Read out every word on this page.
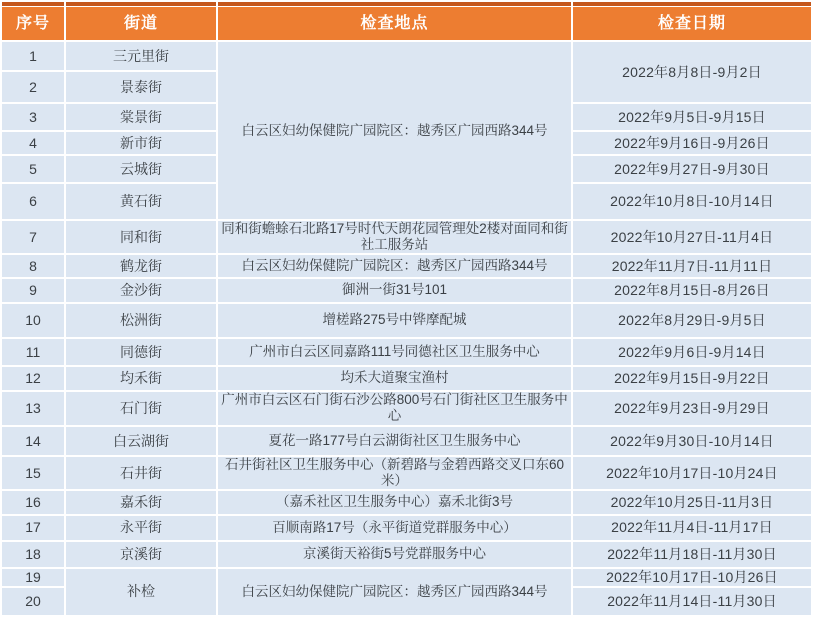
序号	街道	检查地点	检查日期
1	三元里街	白云区妇幼保健院广园院区：越秀区广园西路344号	2022年8月8日-9月2日
2	景泰街		
3	棠景街		2022年9月5日-9月15日
4	新市街		2022年9月16日-9月26日
5	云城街		2022年9月27日-9月30日
6	黄石街		2022年10月8日-10月14日
7	同和街	同和街蟾蜍石北路17号时代天朗花园管理处2楼对面同和街社工服务站	2022年10月27日-11月4日
8	鹤龙街	白云区妇幼保健院广园院区：越秀区广园西路344号	2022年11月7日-11月11日
9	金沙街	御洲一街31号101	2022年8月15日-8月26日
10	松洲街	增槎路275号中铧摩配城	2022年8月29日-9月5日
11	同德街	广州市白云区同嘉路111号同德社区卫生服务中心	2022年9月6日-9月14日
12	均禾街	均禾大道聚宝渔村	2022年9月15日-9月22日
13	石门街	广州市白云区石门街石沙公路800号石门街社区卫生服务中心	2022年9月23日-9月29日
14	白云湖街	夏花一路177号白云湖街社区卫生服务中心	2022年9月30日-10月14日
15	石井街	石井街社区卫生服务中心（新碧路与金碧西路交叉口东60米）	2022年10月17日-10月24日
16	嘉禾街	（嘉禾社区卫生服务中心）嘉禾北街3号	2022年10月25日-11月3日
17	永平街	百顺南路17号（永平街道党群服务中心）	2022年11月4日-11月17日
18	京溪街	京溪街天裕街5号党群服务中心	2022年11月18日-11月30日
19	补检	白云区妇幼保健院广园院区：越秀区广园西路344号	2022年10月17日-10月26日
20			2022年11月14日-11月30日
